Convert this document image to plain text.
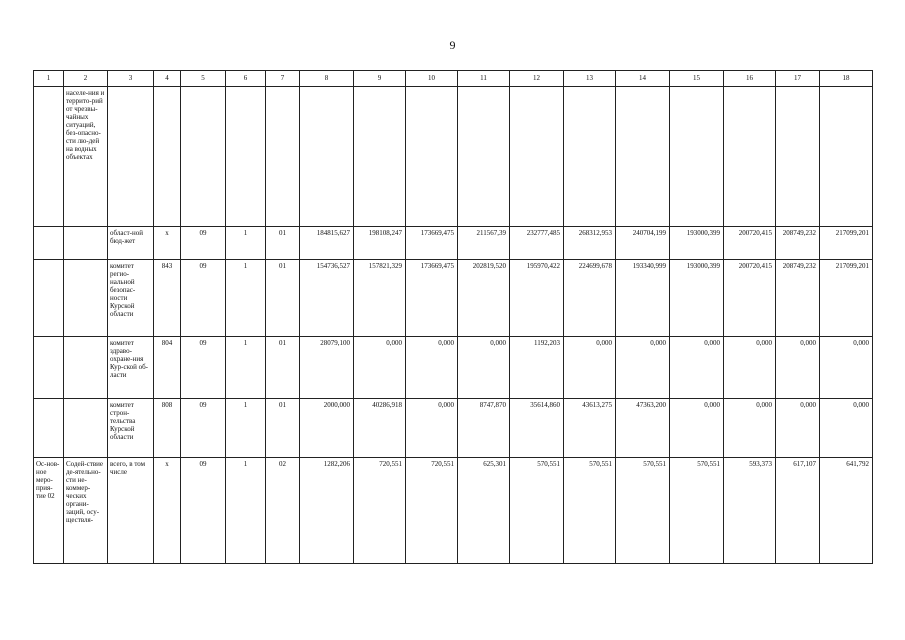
9
1	2	3	4	5	6	7	8	9	10	11	12	13	14	15	16	17	18
	населе-ния и террито-рий от чрезвы-чайных ситуаций, без-опасно-сти лю-дей на водных объектах																
		област-ной бюд-жет	x	09	1	01	184815,627	198108,247	173669,475	211567,39	232777,485	268312,953	240704,199	193000,399	200720,415	208749,232	217099,201
		комитет регио-нальной безопас-ности Курской области	843	09	1	01	154736,527	157821,329	173669,475	202819,520	195970,422	224699,678	193340,999	193000,399	200720,415	208749,232	217099,201
		комитет здраво-охране-ния Кур-ской об-ласти	804	09	1	01	28079,100	0,000	0,000	0,000	1192,203	0,000	0,000	0,000	0,000	0,000	0,000
		комитет строн-тельства Курской области	808	09	1	01	2000,000	40286,918	0,000	8747,870	35614,860	43613,275	47363,200	0,000	0,000	0,000	0,000
Ос-нов-ное меро-прия-тие 02	Содей-ствие де-ятельно-сти не-коммер-ческих органи-заций, осу-ществля-	всего, в том числе	x	09	1	02	1282,206	720,551	720,551	625,301	570,551	570,551	570,551	570,551	593,373	617,107	641,792
